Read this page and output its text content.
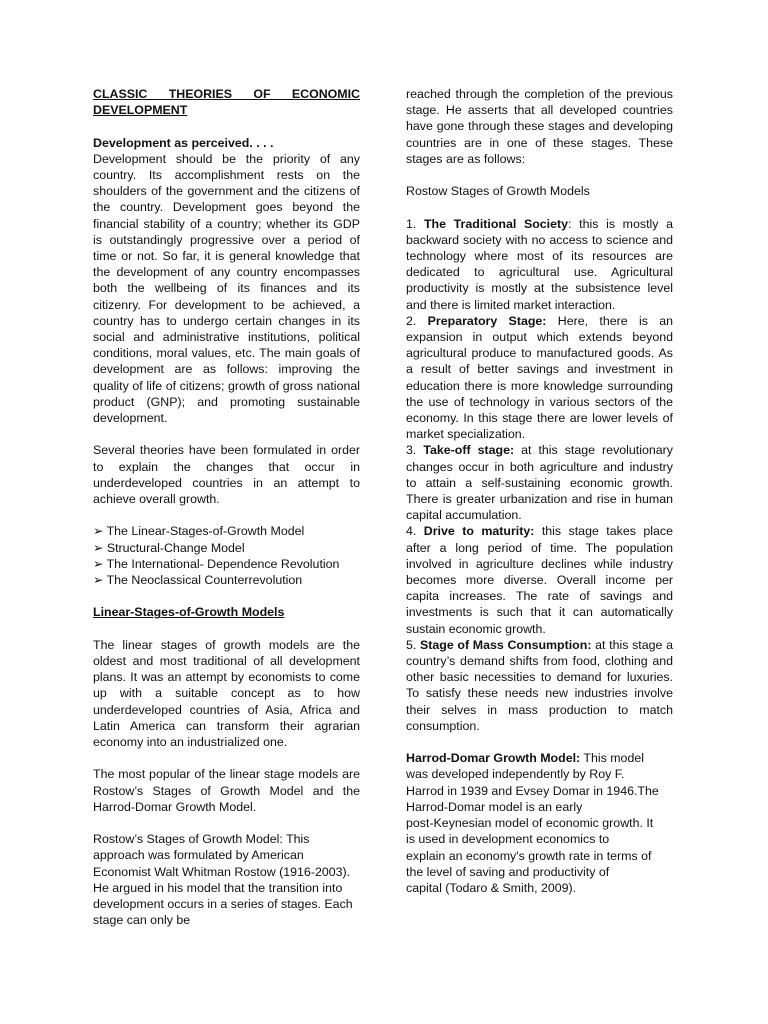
CLASSIC THEORIES OF ECONOMIC DEVELOPMENT

Development as perceived. . . .

Development should be the priority of any country. Its accomplishment rests on the shoulders of the government and the citizens of the country. Development goes beyond the financial stability of a country; whether its GDP is outstandingly progressive over a period of time or not. So far, it is general knowledge that the development of any country encompasses both the wellbeing of its finances and its citizenry. For development to be achieved, a country has to undergo certain changes in its social and administrative institutions, political conditions, moral values, etc. The main goals of development are as follows: improving the quality of life of citizens; growth of gross national product (GNP); and promoting sustainable development.

Several theories have been formulated in order to explain the changes that occur in underdeveloped countries in an attempt to achieve overall growth.

➢ The Linear-Stages-of-Growth Model

➢ Structural-Change Model

➢ The International- Dependence Revolution

➢ The Neoclassical Counterrevolution

Linear-Stages-of-Growth Models

The linear stages of growth models are the oldest and most traditional of all development plans. It was an attempt by economists to come up with a suitable concept as to how underdeveloped countries of Asia, Africa and Latin America can transform their agrarian economy into an industrialized one.

The most popular of the linear stage models are Rostow’s Stages of Growth Model and the Harrod-Domar Growth Model.

Rostow’s Stages of Growth Model: This approach was formulated by American Economist Walt Whitman Rostow (1916-2003). He argued in his model that the transition into development occurs in a series of stages. Each stage can only be

reached through the completion of the previous stage. He asserts that all developed countries have gone through these stages and developing countries are in one of these stages. These stages are as follows:

Rostow Stages of Growth Models

1. The Traditional Society: this is mostly a backward society with no access to science and technology where most of its resources are dedicated to agricultural use. Agricultural productivity is mostly at the subsistence level and there is limited market interaction.

2. Preparatory Stage: Here, there is an expansion in output which extends beyond agricultural produce to manufactured goods. As a result of better savings and investment in education there is more knowledge surrounding the use of technology in various sectors of the economy. In this stage there are lower levels of market specialization.

3. Take-off stage: at this stage revolutionary changes occur in both agriculture and industry to attain a self-sustaining economic growth. There is greater urbanization and rise in human capital accumulation.

4. Drive to maturity: this stage takes place after a long period of time. The population involved in agriculture declines while industry becomes more diverse. Overall income per capita increases. The rate of savings and investments is such that it can automatically sustain economic growth.

5. Stage of Mass Consumption: at this stage a country’s demand shifts from food, clothing and other basic necessities to demand for luxuries. To satisfy these needs new industries involve their selves in mass production to match consumption.

Harrod-Domar Growth Model: This model

was developed independently by Roy F.

Harrod in 1939 and Evsey Domar in 1946.The

Harrod-Domar model is an early

post-Keynesian model of economic growth. It

is used in development economics to

explain an economy's growth rate in terms of

the level of saving and productivity of

capital (Todaro & Smith, 2009).
